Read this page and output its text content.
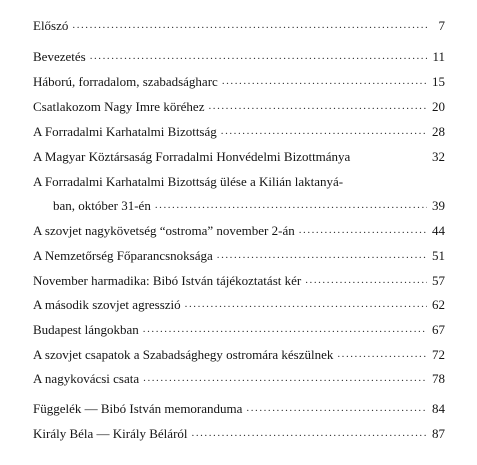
Előszó . . .	7
Bevezetés . . .	11
Háború, forradalom, szabadságharc . . .	15
Csatlakozom Nagy Imre köréhez . . .	20
A Forradalmi Karhatalmi Bizottság . . .	28
A Magyar Köztársaság Forradalmi Honvédelmi Bizottmánya	32
A Forradalmi Karhatalmi Bizottság ülése a Kilián laktanyá-
ban, október 31-én . . .	39
A szovjet nagykövetség “ostroma” november 2-án . . .	44
A Nemzetőrség Főparancsnoksága . . .	51
November harmadika: Bibó István tájékoztatást kér . . .	57
A második szovjet agresszió . . .	62
Budapest lángokban . . .	67
A szovjet csapatok a Szabadsághegy ostromára készülnek . . .	72
A nagykovácsi csata . . .	78
Függelék — Bibó István memoranduma . . .	84
Király Béla — Király Béláról . . .	87
